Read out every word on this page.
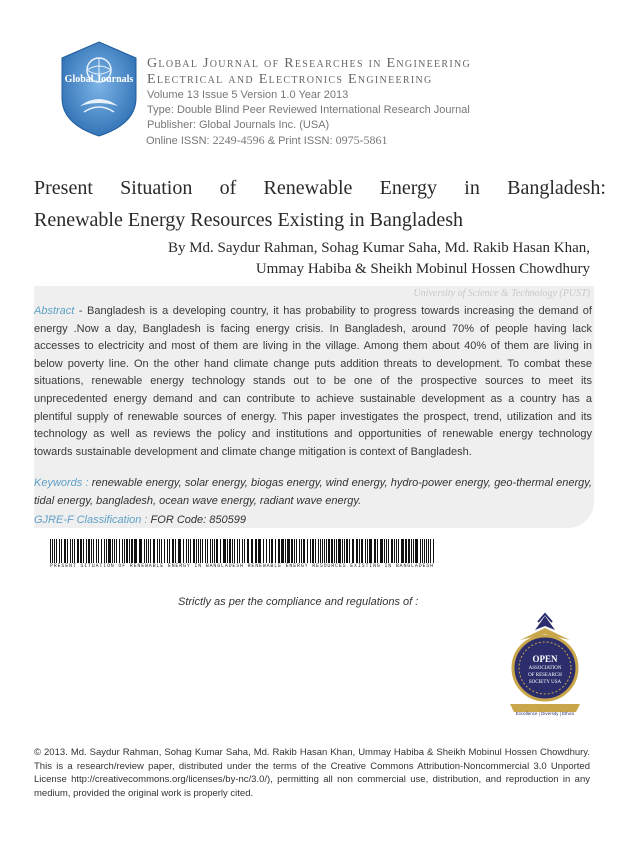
Global Journals
Global Journal of Researches in Engineering
Electrical and Electronics Engineering
Volume 13 Issue 5 Version 1.0 Year 2013
Type: Double Blind Peer Reviewed International Research Journal
Publisher: Global Journals Inc. (USA)
Online ISSN: 2249-4596 & Print ISSN: 0975-5861
Present Situation of Renewable Energy in Bangladesh:
Renewable Energy Resources Existing in Bangladesh
By Md. Saydur Rahman, Sohag Kumar Saha, Md. Rakib Hasan Khan,
Ummay Habiba & Sheikh Mobinul Hossen Chowdhury
University of Science & Technology (PUST)
Abstract - Bangladesh is a developing country, it has probability to progress towards increasing the demand of energy .Now a day, Bangladesh is facing energy crisis. In Bangladesh, around 70% of people having lack accesses to electricity and most of them are living in the village. Among them about 40% of them are living in below poverty line. On the other hand climate change puts addition threats to development. To combat these situations, renewable energy technology stands out to be one of the prospective sources to meet its unprecedented energy demand and can contribute to achieve sustainable development as a country has a plentiful supply of renewable sources of energy. This paper investigates the prospect, trend, utilization and its technology as well as reviews the policy and institutions and opportunities of renewable energy technology towards sustainable development and climate change mitigation is context of Bangladesh.
Keywords : renewable energy, solar energy, biogas energy, wind energy, hydro-power energy, geo-thermal energy, tidal energy, bangladesh, ocean wave energy, radiant wave energy.
GJRE-F Classification : FOR Code: 850599
PRESENT SITUATION OF RENEWABLE ENERGY IN BANGLADESH RENEWABLE ENERGY RESOURCES EXISTING IN BANGLADESH
Strictly as per the compliance and regulations of :
OPEN
ASSOCIATION
OF RESEARCH
SOCIETY USA
Excellence | Diversity | Ethics
© 2013. Md. Saydur Rahman, Sohag Kumar Saha, Md. Rakib Hasan Khan, Ummay Habiba & Sheikh Mobinul Hossen Chowdhury. This is a research/review paper, distributed under the terms of the Creative Commons Attribution-Noncommercial 3.0 Unported License http://creativecommons.org/licenses/by-nc/3.0/), permitting all non commercial use, distribution, and reproduction in any medium, provided the original work is properly cited.
